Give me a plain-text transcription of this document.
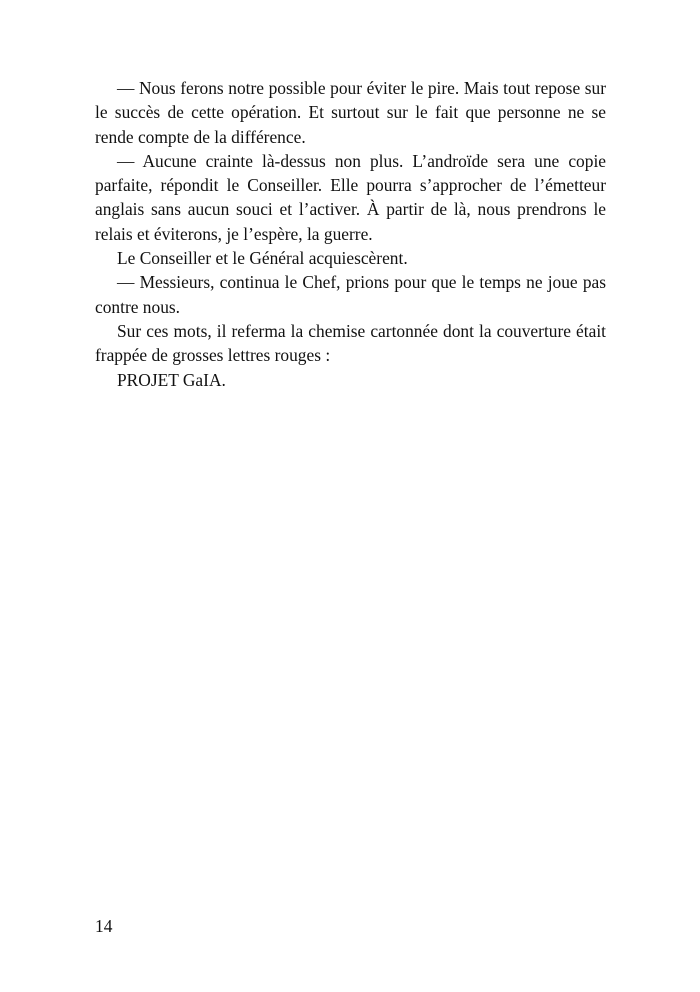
— Nous ferons notre possible pour éviter le pire. Mais tout repose sur le succès de cette opération. Et surtout sur le fait que personne ne se rende compte de la différence.

— Aucune crainte là-dessus non plus. L’androïde sera une copie parfaite, répondit le Conseiller. Elle pourra s’approcher de l’émetteur anglais sans aucun souci et l’activer. À partir de là, nous prendrons le relais et éviterons, je l’espère, la guerre.

Le Conseiller et le Général acquiescèrent.

— Messieurs, continua le Chef, prions pour que le temps ne joue pas contre nous.

Sur ces mots, il referma la chemise cartonnée dont la couverture était frappée de grosses lettres rouges :

PROJET GaIA.

14
